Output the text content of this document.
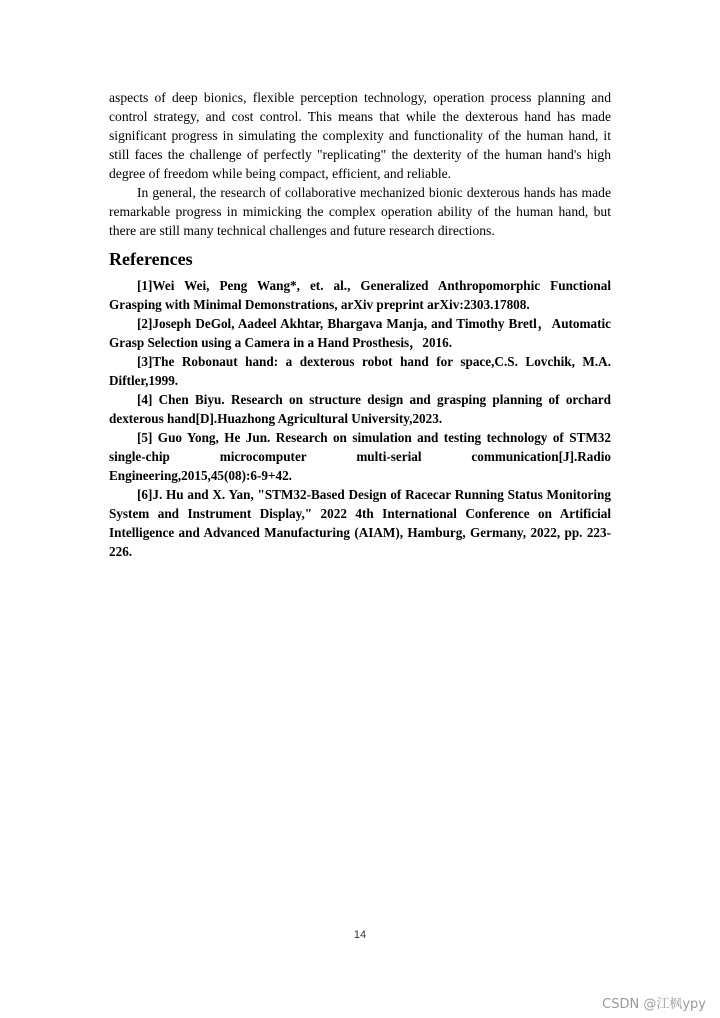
aspects of deep bionics, flexible perception technology, operation process planning and control strategy, and cost control. This means that while the dexterous hand has made significant progress in simulating the complexity and functionality of the human hand, it still faces the challenge of perfectly "replicating" the dexterity of the human hand's high degree of freedom while being compact, efficient, and reliable.

In general, the research of collaborative mechanized bionic dexterous hands has made remarkable progress in mimicking the complex operation ability of the human hand, but there are still many technical challenges and future research directions.

References

[1]Wei Wei, Peng Wang*, et. al., Generalized Anthropomorphic Functional Grasping with Minimal Demonstrations, arXiv preprint arXiv:2303.17808.

[2]Joseph DeGol, Aadeel Akhtar, Bhargava Manja, and Timothy Bretl，Automatic Grasp Selection using a Camera in a Hand Prosthesis，2016.

[3]The Robonaut hand: a dexterous robot hand for space,C.S. Lovchik, M.A. Diftler,1999.

[4] Chen Biyu. Research on structure design and grasping planning of orchard dexterous hand[D].Huazhong Agricultural University,2023.

[5] Guo Yong, He Jun. Research on simulation and testing technology of STM32 single-chip microcomputer multi-serial communication[J].Radio Engineering,2015,45(08):6-9+42.

[6]J. Hu and X. Yan, "STM32-Based Design of Racecar Running Status Monitoring System and Instrument Display," 2022 4th International Conference on Artificial Intelligence and Advanced Manufacturing (AIAM), Hamburg, Germany, 2022, pp. 223-226.

14
CSDN @江枫ypy
